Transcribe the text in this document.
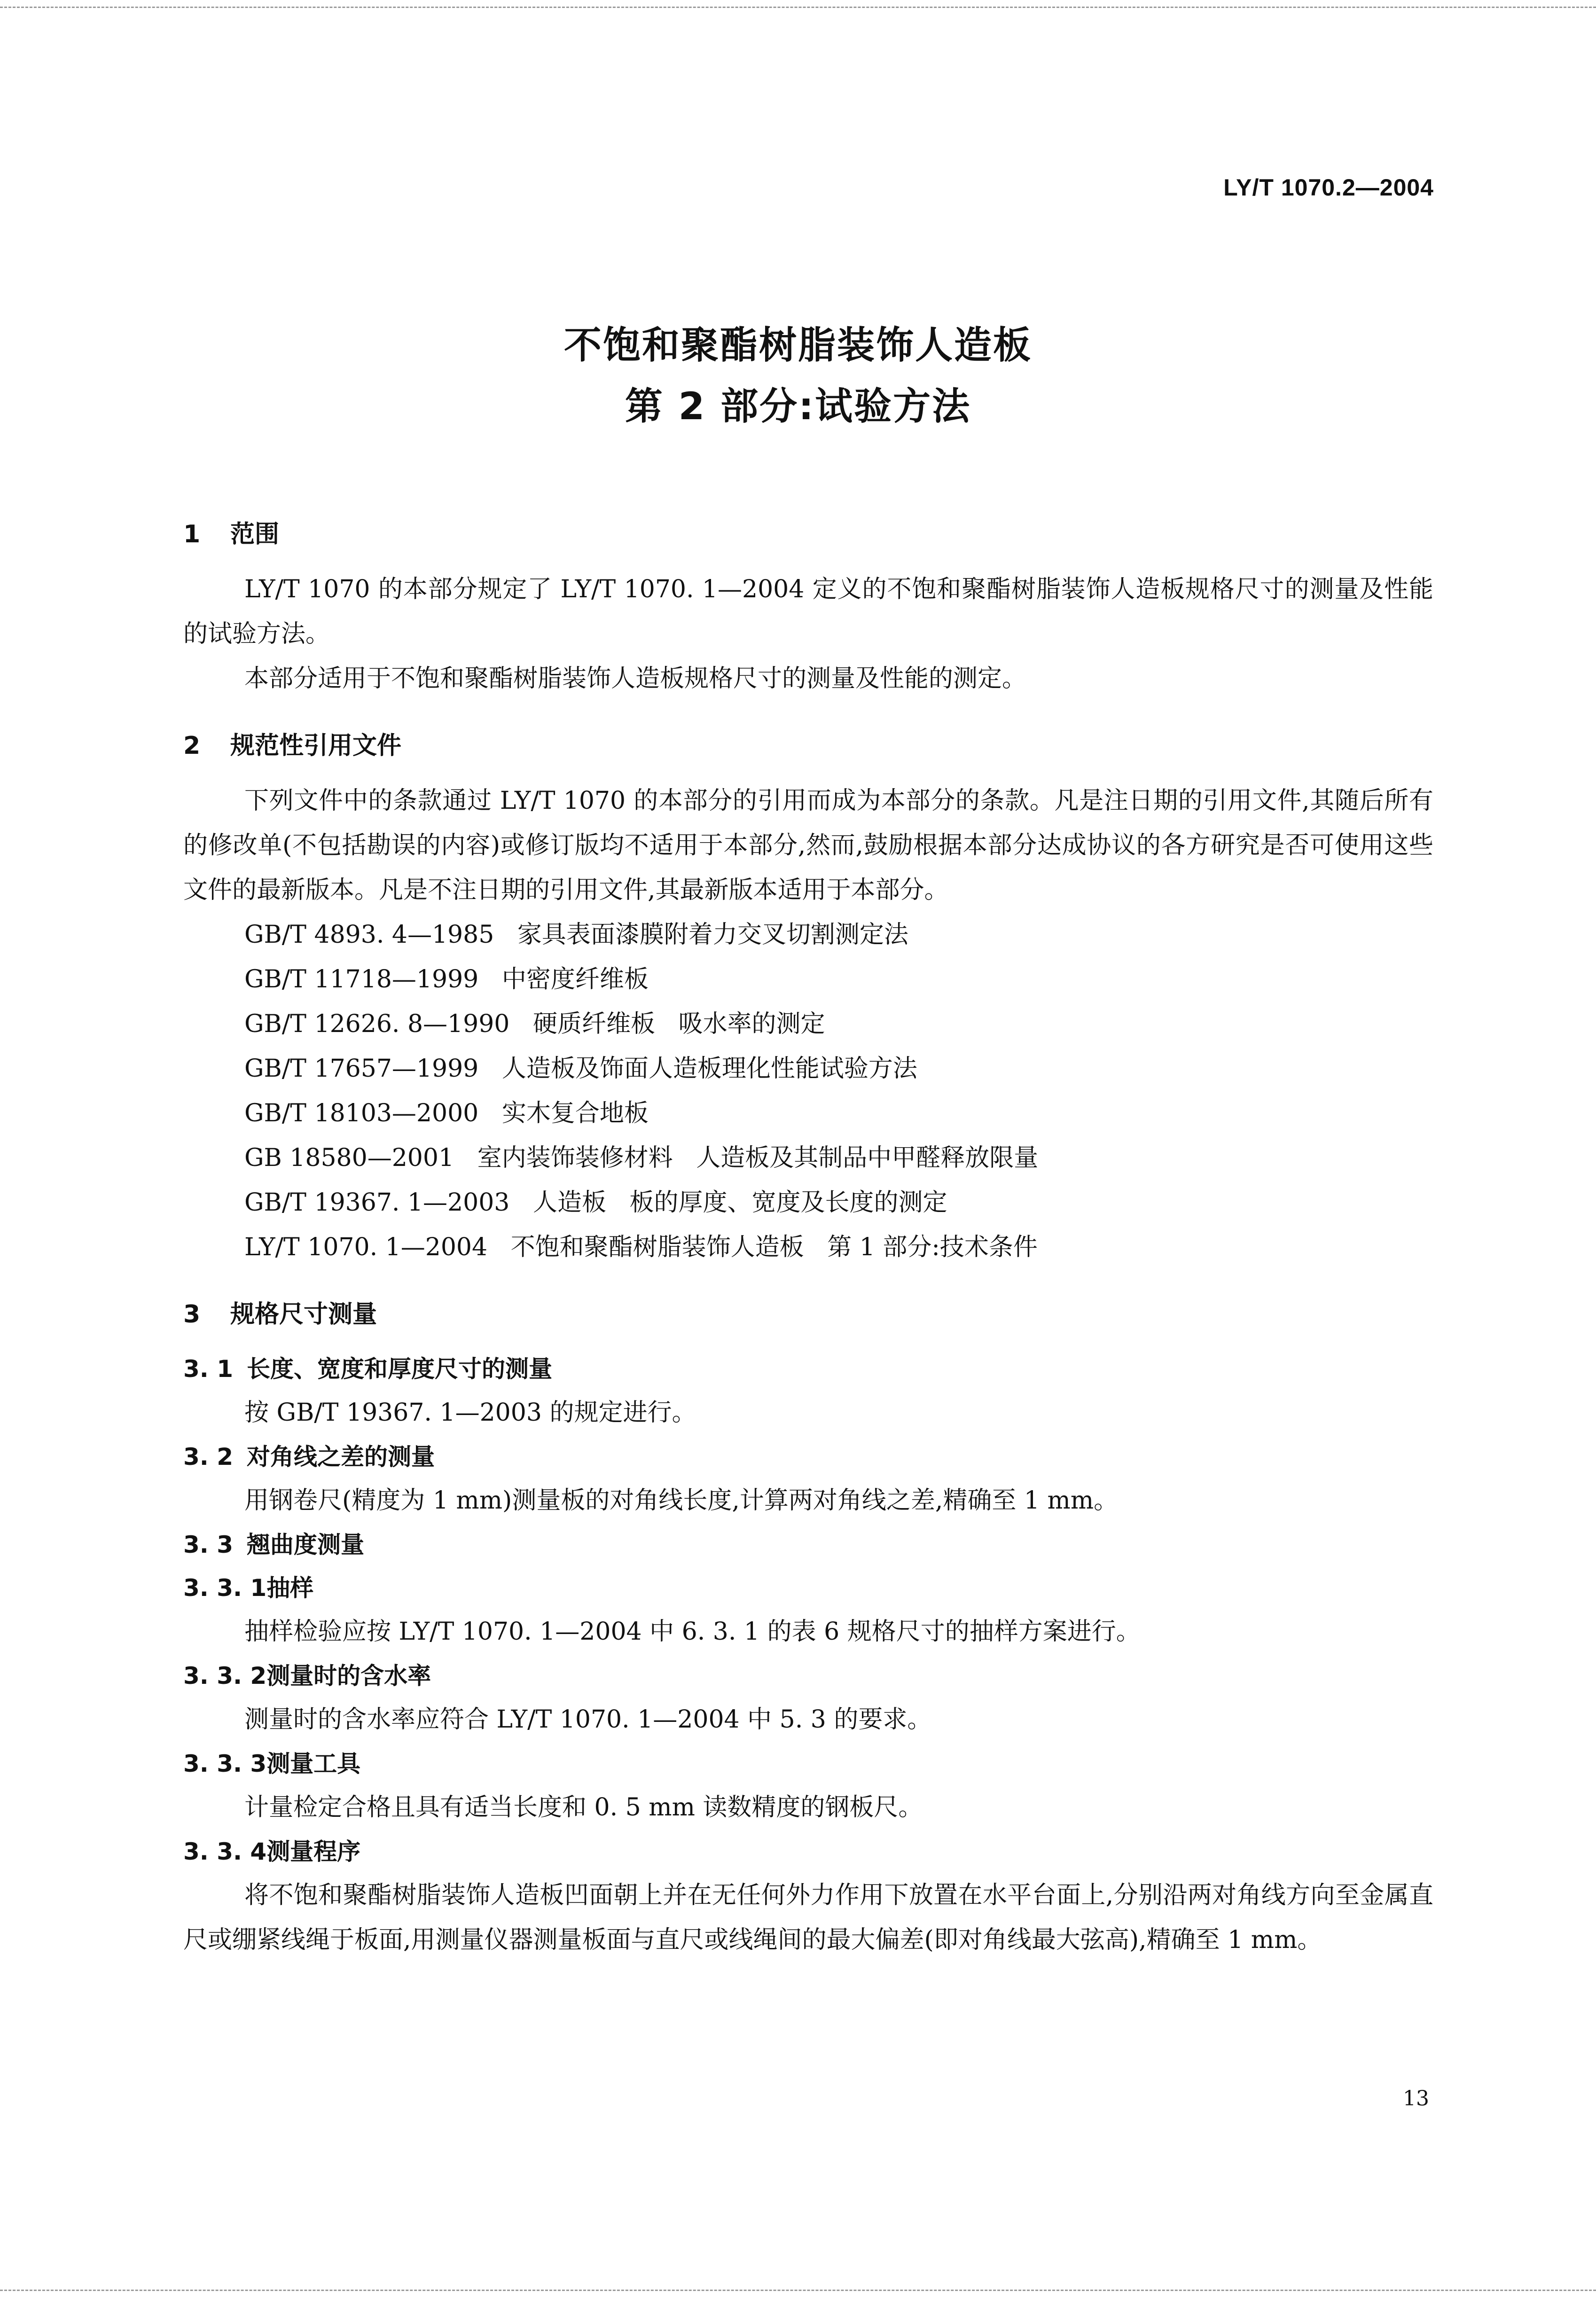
LY/T 1070.2—2004
不饱和聚酯树脂装饰人造板
第 2 部分:试验方法
1 范围
LY/T 1070 的本部分规定了 LY/T 1070. 1—2004 定义的不饱和聚酯树脂装饰人造板规格尺寸的测量及性能的试验方法。
本部分适用于不饱和聚酯树脂装饰人造板规格尺寸的测量及性能的测定。
2 规范性引用文件
下列文件中的条款通过 LY/T 1070 的本部分的引用而成为本部分的条款。凡是注日期的引用文件,其随后所有的修改单(不包括勘误的内容)或修订版均不适用于本部分,然而,鼓励根据本部分达成协议的各方研究是否可使用这些文件的最新版本。凡是不注日期的引用文件,其最新版本适用于本部分。
GB/T 4893. 4—1985   家具表面漆膜附着力交叉切割测定法
GB/T 11718—1999   中密度纤维板
GB/T 12626. 8—1990   硬质纤维板   吸水率的测定
GB/T 17657—1999   人造板及饰面人造板理化性能试验方法
GB/T 18103—2000   实木复合地板
GB 18580—2001   室内装饰装修材料   人造板及其制品中甲醛释放限量
GB/T 19367. 1—2003   人造板   板的厚度、宽度及长度的测定
LY/T 1070. 1—2004   不饱和聚酯树脂装饰人造板   第 1 部分:技术条件
3 规格尺寸测量
3. 1 长度、宽度和厚度尺寸的测量
按 GB/T 19367. 1—2003 的规定进行。
3. 2 对角线之差的测量
用钢卷尺(精度为 1 mm)测量板的对角线长度,计算两对角线之差,精确至 1 mm。
3. 3 翘曲度测量
3. 3. 1抽样
抽样检验应按 LY/T 1070. 1—2004 中 6. 3. 1 的表 6 规格尺寸的抽样方案进行。
3. 3. 2测量时的含水率
测量时的含水率应符合 LY/T 1070. 1—2004 中 5. 3 的要求。
3. 3. 3测量工具
计量检定合格且具有适当长度和 0. 5 mm 读数精度的钢板尺。
3. 3. 4测量程序
将不饱和聚酯树脂装饰人造板凹面朝上并在无任何外力作用下放置在水平台面上,分别沿两对角线方向至金属直尺或绷紧线绳于板面,用测量仪器测量板面与直尺或线绳间的最大偏差(即对角线最大弦高),精确至 1 mm。
13
